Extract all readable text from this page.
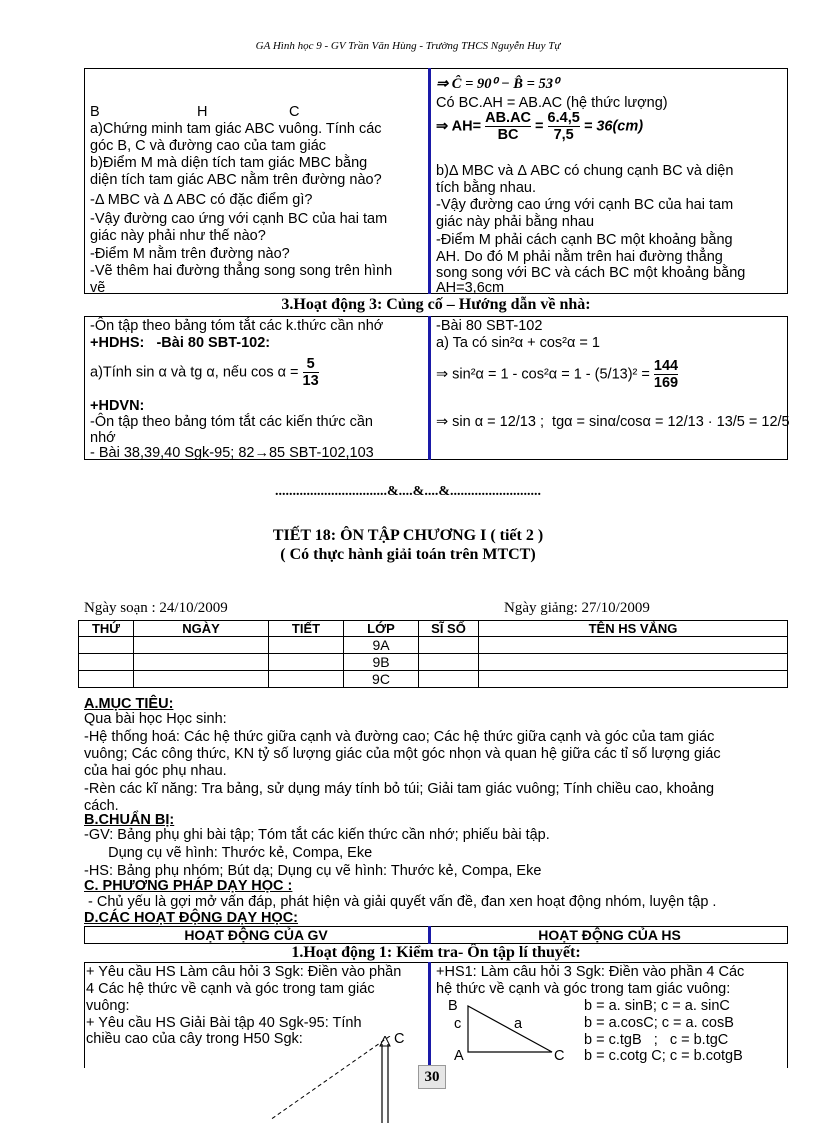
GA Hình học 9 - GV Trần Văn Hùng - Trường THCS Nguyễn Huy Tự
B	H	C
a)Chứng minh tam giác ABC vuông. Tính các
góc B, C và đường cao của tam giác
b)Điểm M mà diện tích tam giác MBC bằng
diện tích tam giác ABC nằm trên đường nào?
-Δ MBC và Δ ABC có đặc điểm gì?
-Vậy đường cao ứng với cạnh BC của hai tam
giác này phải như thế nào?
-Điểm M nằm trên đường nào?
-Vẽ thêm hai đường thẳng song song trên hình
vẽ
⇒ Ĉ = 90⁰ − B̂ = 53⁰
Có BC.AH = AB.AC (hệ thức lượng)
⇒ $AH= \frac{AB.AC}{BC} = \frac{6.4,5}{7,5} = 36(cm)$
b)Δ MBC và Δ ABC có chung cạnh BC và diện
tích bằng nhau.
-Vậy đường cao ứng với cạnh BC của hai tam
giác này phải bằng nhau
-Điểm M phải cách cạnh BC một khoảng bằng
AH. Do đó M phải nằm trên hai đường thẳng
song song với BC và cách BC một khoảng bằng
AH=3,6cm
3.Hoạt động 3: Củng cố – Hướng dẫn về nhà:
-Ôn tập theo bảng tóm tắt các k.thức cần nhớ
+HDHS:   -Bài 80 SBT-102:
a)Tính sin α và tg α, nếu $\cos \alpha = \frac{5}{13}$
+HDVN:
-Ôn tập theo bảng tóm tắt các kiến thức cần
nhớ
- Bài 38,39,40 Sgk-95; 82→85 SBT-102,103
-Bài 80 SBT-102
a) Ta có sin²α + cos²α = 1
⇒ $\sin^2\alpha = 1 - \cos^2\alpha = 1 - (5/13)^2 = \frac{144}{169}$
⇒ sin α = 12/13 ;  tgα = sinα/cosα = 12/13 · 13/5 = 12/5
................................&....&....&..........................
TIẾT 18: ÔN TẬP CHƯƠNG I ( tiết 2 )
( Có thực hành giải toán trên MTCT)
Ngày soạn : 24/10/2009	Ngày giảng: 27/10/2009
THỨ	NGÀY	TIẾT	LỚP	SĨ SỐ	TÊN HS VẮNG
			9A		
			9B		
			9C		
A.MỤC TIÊU:
Qua bài học Học sinh:
-Hệ thống hoá: Các hệ thức giữa cạnh và đường cao; Các hệ thức giữa cạnh và góc của tam giác
vuông; Các công thức, KN tỷ số lượng giác của một góc nhọn và quan hệ giữa các tỉ số lượng giác
của hai góc phụ nhau.
-Rèn các kĩ năng: Tra bảng, sử dụng máy tính bỏ túi; Giải tam giác vuông; Tính chiều cao, khoảng
cách.
B.CHUẨN BỊ:
-GV: Bảng phụ ghi bài tập; Tóm tắt các kiến thức cần nhớ; phiếu bài tập.
Dụng cụ vẽ hình: Thước kẻ, Compa, Eke
-HS: Bảng phụ nhóm; Bút dạ; Dụng cụ vẽ hình: Thước kẻ, Compa, Eke
C. PHƯƠNG PHÁP DẠY HỌC :
- Chủ yếu là gợi mở vấn đáp, phát hiện và giải quyết vấn đề, đan xen hoạt động nhóm, luyện tập .
D.CÁC HOẠT ĐỘNG DẠY HỌC:
HOẠT ĐỘNG CỦA GV	HOẠT ĐỘNG CỦA HS
1.Hoạt động 1: Kiểm tra- Ôn tập lí thuyết:
+ Yêu cầu HS Làm câu hỏi 3 Sgk: Điền vào phần
4 Các hệ thức về cạnh và góc trong tam giác
vuông:
+ Yêu cầu HS Giải Bài tập 40 Sgk-95: Tính
chiều cao của cây trong H50 Sgk:	C
+HS1: Làm câu hỏi 3 Sgk: Điền vào phần 4 Các
hệ thức về cạnh và góc trong tam giác vuông:
B
c	a
A	C
b = a. sinB; c = a. sinC
b = a.cosC; c = a. cosB
b = c.tgB   ;   c = b.tgC
b = c.cotg C; c = b.cotgB
30
